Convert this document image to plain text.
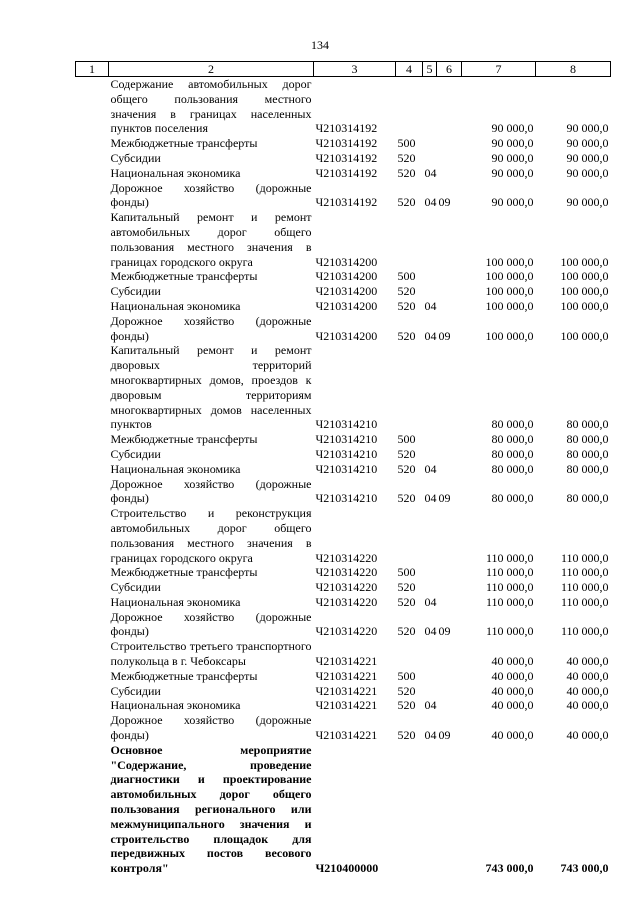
134
1	2	3	4	5	6	7	8
	Содержание автомобильных дорог общего пользования местного значения в границах населенных пунктов поселения	Ч210314192				90 000,0	90 000,0
	Межбюджетные трансферты	Ч210314192	500			90 000,0	90 000,0
	Субсидии	Ч210314192	520			90 000,0	90 000,0
	Национальная экономика	Ч210314192	520	04		90 000,0	90 000,0
	Дорожное хозяйство (дорожные фонды)	Ч210314192	520	04	09	90 000,0	90 000,0
	Капитальный ремонт и ремонт автомобильных дорог общего пользования местного значения в границах городского округа	Ч210314200				100 000,0	100 000,0
	Межбюджетные трансферты	Ч210314200	500			100 000,0	100 000,0
	Субсидии	Ч210314200	520			100 000,0	100 000,0
	Национальная экономика	Ч210314200	520	04		100 000,0	100 000,0
	Дорожное хозяйство (дорожные фонды)	Ч210314200	520	04	09	100 000,0	100 000,0
	Капитальный ремонт и ремонт дворовых территорий многоквартирных домов, проездов к дворовым территориям многоквартирных домов населенных пунктов	Ч210314210				80 000,0	80 000,0
	Межбюджетные трансферты	Ч210314210	500			80 000,0	80 000,0
	Субсидии	Ч210314210	520			80 000,0	80 000,0
	Национальная экономика	Ч210314210	520	04		80 000,0	80 000,0
	Дорожное хозяйство (дорожные фонды)	Ч210314210	520	04	09	80 000,0	80 000,0
	Строительство и реконструкция автомобильных дорог общего пользования местного значения в границах городского округа	Ч210314220				110 000,0	110 000,0
	Межбюджетные трансферты	Ч210314220	500			110 000,0	110 000,0
	Субсидии	Ч210314220	520			110 000,0	110 000,0
	Национальная экономика	Ч210314220	520	04		110 000,0	110 000,0
	Дорожное хозяйство (дорожные фонды)	Ч210314220	520	04	09	110 000,0	110 000,0
	Строительство третьего транспортного полукольца в г. Чебоксары	Ч210314221				40 000,0	40 000,0
	Межбюджетные трансферты	Ч210314221	500			40 000,0	40 000,0
	Субсидии	Ч210314221	520			40 000,0	40 000,0
	Национальная экономика	Ч210314221	520	04		40 000,0	40 000,0
	Дорожное хозяйство (дорожные фонды)	Ч210314221	520	04	09	40 000,0	40 000,0
	Основное мероприятие "Содержание, проведение диагностики и проектирование автомобильных дорог общего пользования регионального или межмуниципального значения и строительство площадок для передвижных постов весового контроля"	Ч210400000				743 000,0	743 000,0
